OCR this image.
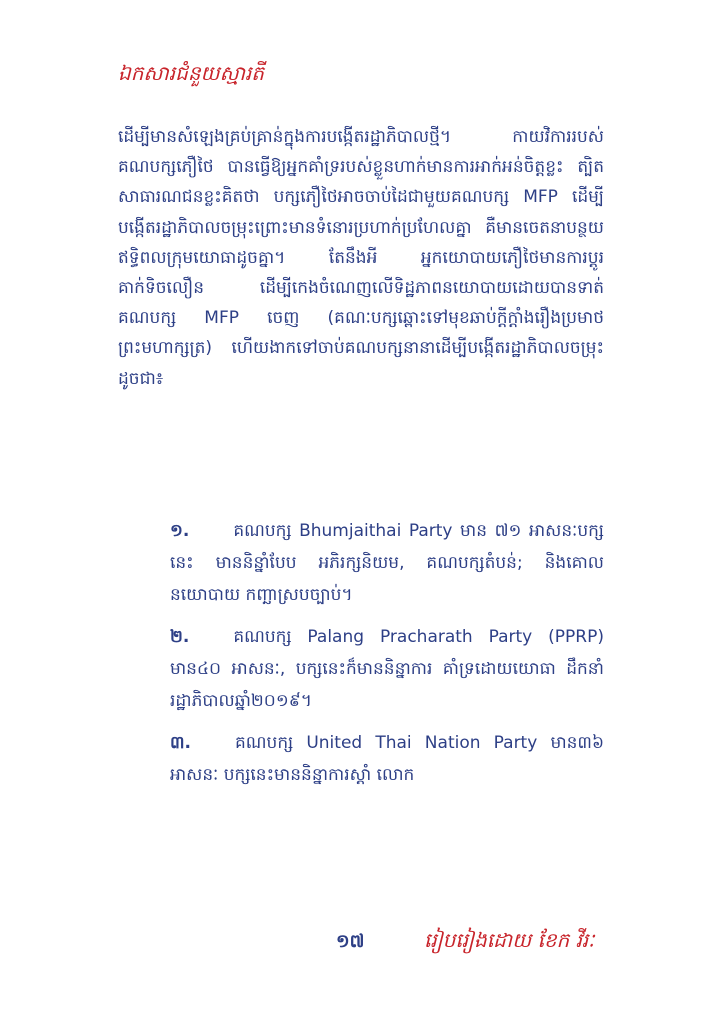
ឯកសារជំនួយស្មារតី

ដើម្បីមានសំឡេងគ្រប់គ្រាន់ក្នុងការបង្កើតរដ្ឋាភិបាលថ្មី។ កាយវិការរបស់គណបក្សភឿថៃ បានធ្វើឱ្យអ្នកគាំទ្ររបស់ខ្លួនហាក់មានការអាក់អន់ចិត្តខ្លះ ត្បិតសាធារណជនខ្លះគិតថា បក្សភឿថៃអាចចាប់ដៃជាមួយគណបក្ស MFP ដើម្បីបង្កើតរដ្ឋាភិបាលចម្រុះព្រោះមានទំនោរប្រហាក់ប្រហែលគ្នា គឺមានចេតនាបន្ថយឥទ្ធិពលក្រុមយោធាដូចគ្នា។ តែនឹងអី អ្នកយោបាយភឿថៃមានការប្តូរគាក់ទិចលឿន ដើម្បីកេងចំណេញលើទិដ្ឋភាពនយោបាយដោយបានទាត់ គណបក្ស MFP ចេញ (គណៈបក្សឆ្ពោះទៅមុខឆាប់ក្តីក្តាំងរឿងប្រមាថព្រះមហាក្សត្រ) ហើយងាកទៅចាប់គណបក្សនានាដើម្បីបង្កើតរដ្ឋាភិបាលចម្រុះដូចជា៖

១.	គណបក្ស Bhumjaithai Party មាន ៧១ អាសនៈបក្សនេះ មាននិន្នាំបែប អភិរក្សនិយម, គណបក្សតំបន់; និងគោលនយោបាយ កញ្ឆាស្របច្បាប់។
២.	គណបក្ស Palang Pracharath Party (PPRP) មាន៤០ អាសនៈ, បក្សនេះក៏មាននិន្នាការ គាំទ្រដោយយោធា ដឹកនាំរដ្ឋាភិបាលឆ្នាំ២០១៩។
៣.	គណបក្ស United Thai Nation Party មាន៣៦ អាសនៈ បក្សនេះមាននិន្នាការស្តាំ លោក
១៧	រៀបរៀងដោយ ខែក វីរៈ
